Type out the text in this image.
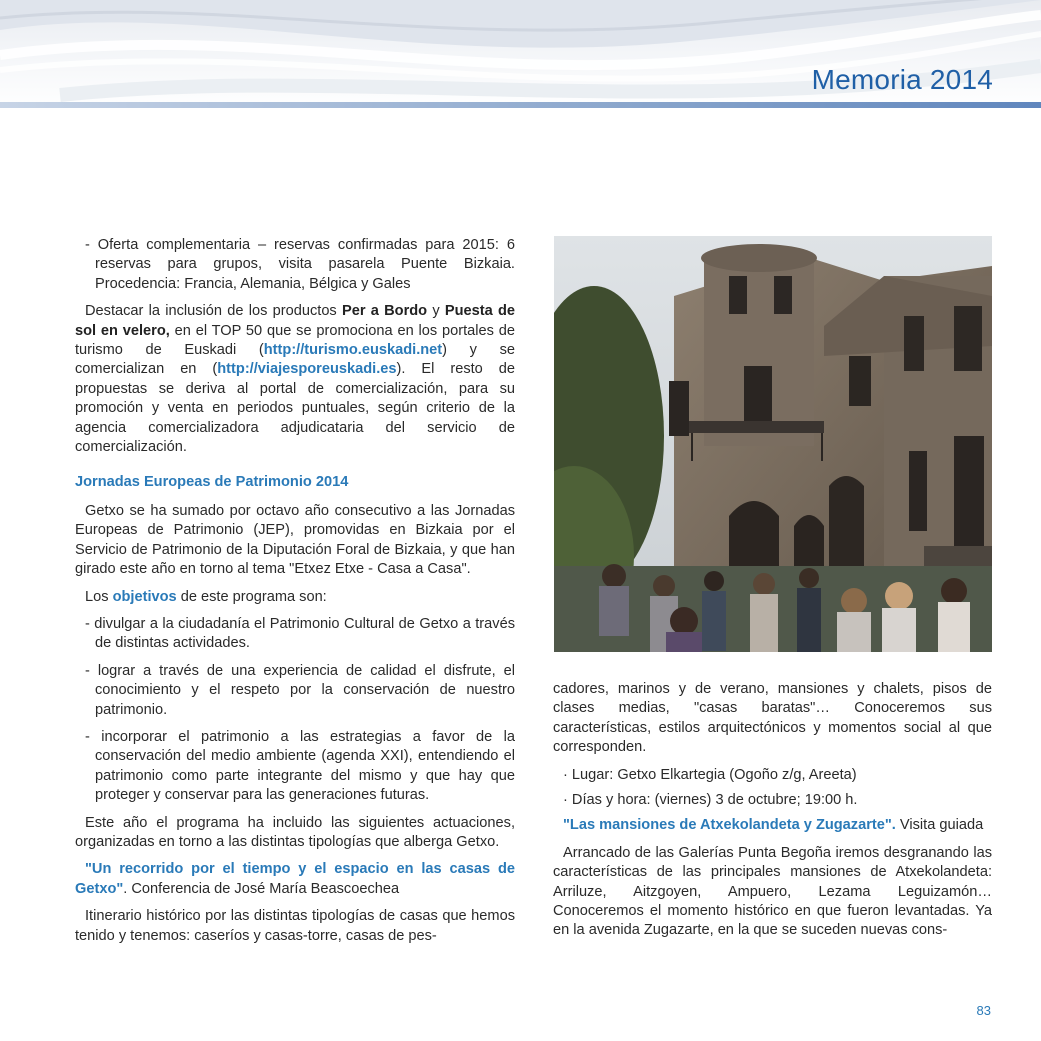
Memoria 2014
- Oferta complementaria – reservas confirmadas para 2015: 6 reservas para grupos, visita pasarela Puente Bizkaia. Procedencia: Francia, Alemania, Bélgica y Gales

Destacar la inclusión de los productos Per a Bordo y Puesta de sol en velero, en el TOP 50 que se promociona en los portales de turismo de Euskadi (http://turismo.euskadi.net) y se comercializan en (http://viajesporeuskadi.es). El resto de propuestas se deriva al portal de comercialización, para su promoción y venta en periodos puntuales, según criterio de la agencia comercializadora adjudicataria del servicio de comercialización.

Jornadas Europeas de Patrimonio 2014

Getxo se ha sumado por octavo año consecutivo a las Jornadas Europeas de Patrimonio (JEP), promovidas en Bizkaia por el Servicio de Patrimonio de la Diputación Foral de Bizkaia, y que han girado este año en torno al tema "Etxez Etxe - Casa a Casa".

Los objetivos de este programa son:

- divulgar a la ciudadanía el Patrimonio Cultural de Getxo a través de distintas actividades.
- lograr a través de una experiencia de calidad el disfrute, el conocimiento y el respeto por la conservación de nuestro patrimonio.
- incorporar el patrimonio a las estrategias a favor de la conservación del medio ambiente (agenda XXI), entendiendo el patrimonio como parte integrante del mismo y que hay que proteger y conservar para las generaciones futuras.

Este año el programa ha incluido las siguientes actuaciones, organizadas en torno a las distintas tipologías que alberga Getxo.

"Un recorrido por el tiempo y el espacio en las casas de Getxo". Conferencia de José María Beascoechea

Itinerario histórico por las distintas tipologías de casas que hemos tenido y tenemos: caseríos y casas-torre, casas de pes-

cadores, marinos y de verano, mansiones y chalets, pisos de clases medias, "casas baratas"… Conoceremos sus características, estilos arquitectónicos y momentos social al que corresponden.

· Lugar: Getxo Elkartegia (Ogoño z/g, Areeta)
· Días y hora: (viernes) 3 de octubre; 19:00 h.

"Las mansiones de Atxekolandeta y Zugazarte". Visita guiada

Arrancado de las Galerías Punta Begoña iremos desgranando las características de las principales mansiones de Atxekolandeta: Arriluze, Aitzgoyen, Ampuero, Lezama Leguizamón… Conoceremos el momento histórico en que fueron levantadas. Ya en la avenida Zugazarte, en la que se suceden nuevas cons-

83
